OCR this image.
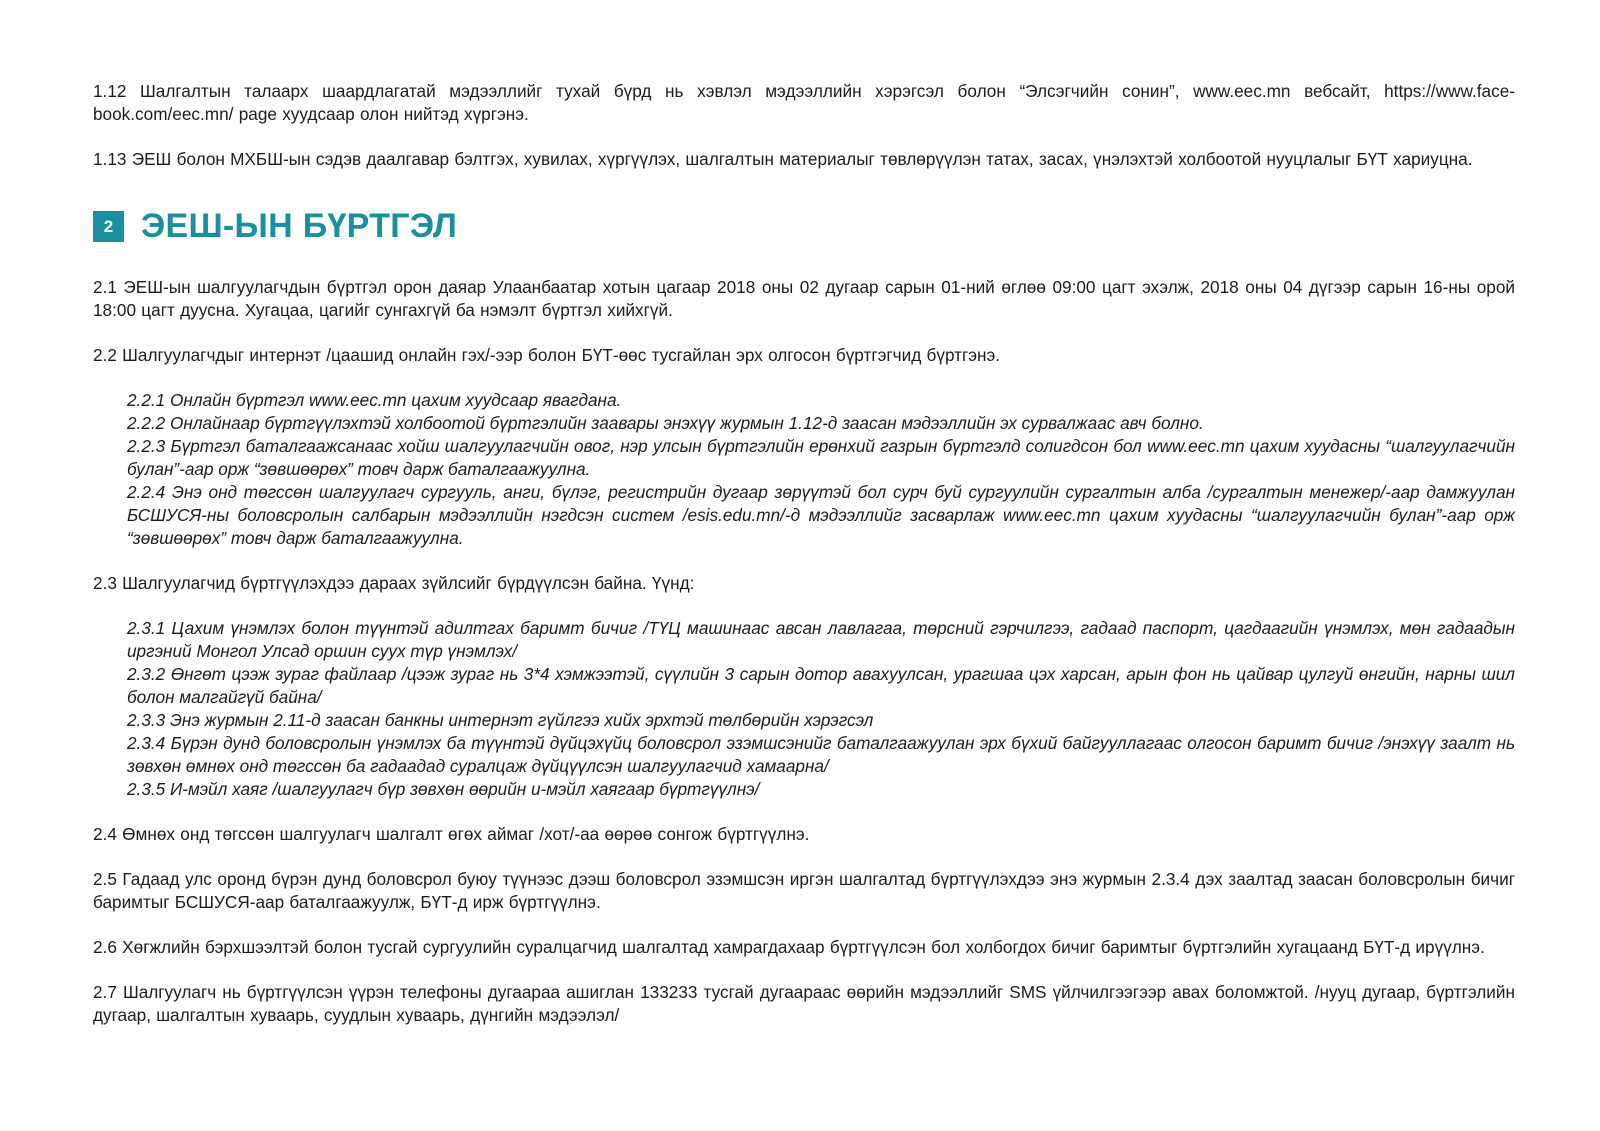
1.12 Шалгалтын талаарх шаардлагатай мэдээллийг тухай бүрд нь хэвлэл мэдээллийн хэрэгсэл болон “Элсэгчийн сонин”, www.eec.mn вебсайт, https://www.face-book.com/eec.mn/ page хуудсаар олон нийтэд хүргэнэ.

1.13 ЭЕШ болон МХБШ-ын сэдэв даалгавар бэлтгэх, хувилах, хүргүүлэх, шалгалтын материалыг төвлөрүүлэн татах, засах, үнэлэхтэй холбоотой нууцлалыг БҮТ хариуцна.

2 ЭЕШ-ЫН БҮРТГЭЛ

2.1 ЭЕШ-ын шалгуулагчдын бүртгэл орон даяар Улаанбаатар хотын цагаар 2018 оны 02 дугаар сарын 01-ний өглөө 09:00 цагт эхэлж, 2018 оны 04 дүгээр сарын 16-ны орой 18:00 цагт дуусна. Хугацаа, цагийг сунгахгүй ба нэмэлт бүртгэл хийхгүй.

2.2 Шалгуулагчдыг интернэт /цаашид онлайн гэх/-ээр болон БҮТ-өөс тусгайлан эрх олгосон бүртгэгчид бүртгэнэ.

2.2.1 Онлайн бүртгэл www.eec.mn цахим хуудсаар явагдана.

2.2.2 Онлайнаар бүртгүүлэхтэй холбоотой бүртгэлийн заавары энэхүү журмын 1.12-д заасан мэдээллийн эх сурвалжаас авч болно.

2.2.3 Бүртгэл баталгаажсанаас хойш шалгуулагчийн овог, нэр улсын бүртгэлийн ерөнхий газрын бүртгэлд солигдсон бол www.eec.mn цахим хуудасны “шалгуулагчийн булан”-аар орж “зөвшөөрөх” товч дарж баталгаажуулна.

2.2.4 Энэ онд төгссөн шалгуулагч сургууль, анги, бүлэг, регистрийн дугаар зөрүүтэй бол сурч буй сургуулийн сургалтын алба /сургалтын менежер/-аар дамжуулан БСШУСЯ-ны боловсролын салбарын мэдээллийн нэгдсэн систем /esis.edu.mn/-д мэдээллийг засварлаж www.eec.mn цахим хуудасны “шалгуулагчийн булан”-аар орж “зөвшөөрөх” товч дарж баталгаажуулна.

2.3 Шалгуулагчид бүртгүүлэхдээ дараах зүйлсийг бүрдүүлсэн байна. Үүнд:

2.3.1 Цахим үнэмлэх болон түүнтэй адилтгах баримт бичиг /ТҮЦ машинаас авсан лавлагаа, төрсний гэрчилгээ, гадаад паспорт, цагдаагийн үнэмлэх, мөн гадаадын иргэний Монгол Улсад оршин суух түр үнэмлэх/

2.3.2 Өнгөт цээж зураг файлаар /цээж зураг нь 3*4 хэмжээтэй, сүүлийн 3 сарын дотор авахуулсан, урагшаа цэх харсан, арын фон нь цайвар цулгуй өнгийн, нарны шил болон малгайгүй байна/

2.3.3 Энэ журмын 2.11-д заасан банкны интернэт гүйлгээ хийх эрхтэй төлбөрийн хэрэгсэл

2.3.4 Бүрэн дунд боловсролын үнэмлэх ба түүнтэй дүйцэхүйц боловсрол эзэмшсэнийг баталгаажуулан эрх бүхий байгууллагаас олгосон баримт бичиг /энэхүү заалт нь зөвхөн өмнөх онд төгссөн ба гадаадад суралцаж дүйцүүлсэн шалгуулагчид хамаарна/

2.3.5 И-мэйл хаяг /шалгуулагч бүр зөвхөн өөрийн и-мэйл хаягаар бүртгүүлнэ/

2.4 Өмнөх онд төгссөн шалгуулагч шалгалт өгөх аймаг /хот/-аа өөрөө сонгож бүртгүүлнэ.

2.5 Гадаад улс оронд бүрэн дунд боловсрол буюу түүнээс дээш боловсрол эзэмшсэн иргэн шалгалтад бүртгүүлэхдээ энэ журмын 2.3.4 дэх заалтад заасан боловсролын бичиг баримтыг БСШУСЯ-аар баталгаажуулж, БҮТ-д ирж бүртгүүлнэ.

2.6 Хөгжлийн бэрхшээлтэй болон тусгай сургуулийн суралцагчид шалгалтад хамрагдахаар бүртгүүлсэн бол холбогдох бичиг баримтыг бүртгэлийн хугацаанд БҮТ-д ирүүлнэ.

2.7 Шалгуулагч нь бүртгүүлсэн үүрэн телефоны дугаараа ашиглан 133233 тусгай дугаараас өөрийн мэдээллийг SMS үйлчилгээгээр авах боломжтой. /нууц дугаар, бүртгэлийн дугаар, шалгалтын хуваарь, суудлын хуваарь, дүнгийн мэдээлэл/
